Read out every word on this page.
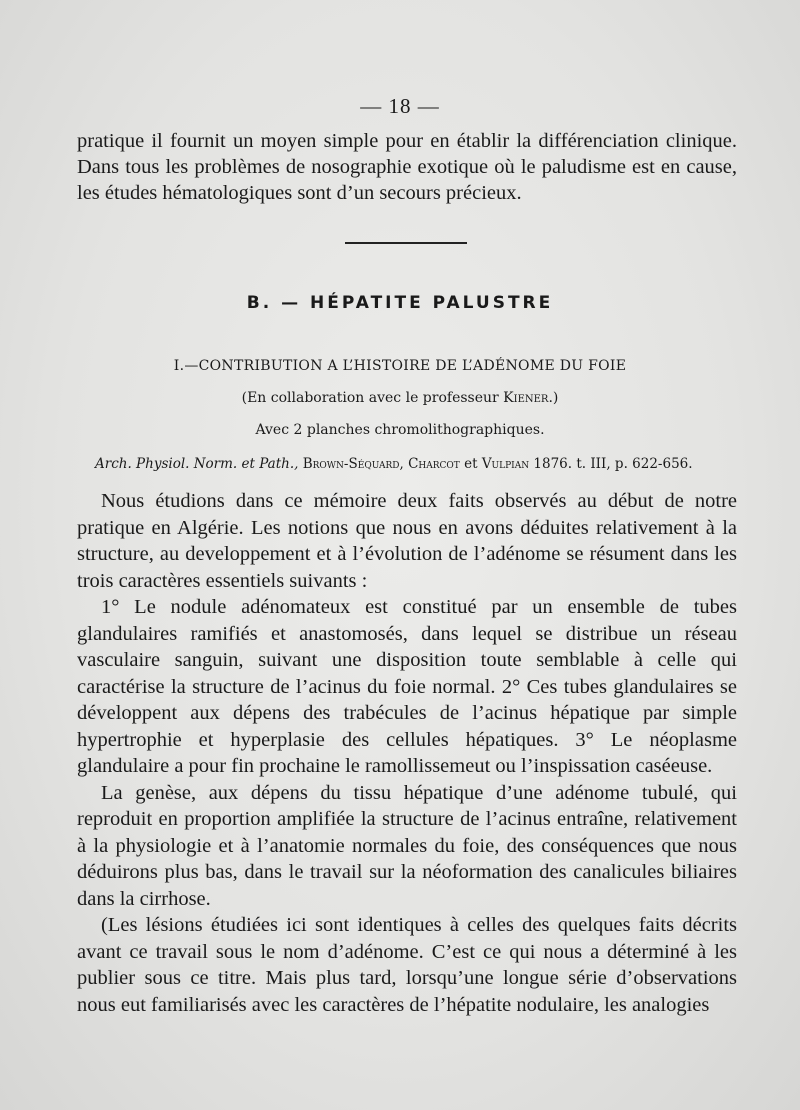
— 18 —
pratique il fournit un moyen simple pour en établir la différenciation clinique. Dans tous les problèmes de nosographie exotique où le paludisme est en cause, les études hématologiques sont d’un secours précieux.
B. — HÉPATITE PALUSTRE
I.—CONTRIBUTION A L’HISTOIRE DE L’ADÉNOME DU FOIE
(En collaboration avec le professeur Kiener.)
Avec 2 planches chromolithographiques.
Arch. Physiol. Norm. et Path., Brown-Séquard, Charcot et Vulpian 1876. t. III, p. 622-656.

Nous étudions dans ce mémoire deux faits observés au début de notre pratique en Algérie. Les notions que nous en avons déduites relativement à la structure, au developpement et à l’évolution de l’adénome se résument dans les trois caractères essentiels suivants :

1° Le nodule adénomateux est constitué par un ensemble de tubes glandulaires ramifiés et anastomosés, dans lequel se distribue un réseau vasculaire sanguin, suivant une disposition toute semblable à celle qui caractérise la structure de l’acinus du foie normal. 2° Ces tubes glandulaires se développent aux dépens des trabécules de l’acinus hépatique par simple hypertrophie et hyperplasie des cellules hépatiques. 3° Le néoplasme glandulaire a pour fin prochaine le ramollissemeut ou l’inspissation caséeuse.

La genèse, aux dépens du tissu hépatique d’une adénome tubulé, qui reproduit en proportion amplifiée la structure de l’acinus entraîne, relativement à la physiologie et à l’anatomie normales du foie, des conséquences que nous déduirons plus bas, dans le travail sur la néoformation des canalicules biliaires dans la cirrhose.

(Les lésions étudiées ici sont identiques à celles des quelques faits décrits avant ce travail sous le nom d’adénome. C’est ce qui nous a déterminé à les publier sous ce titre. Mais plus tard, lorsqu’une longue série d’observations nous eut familiarisés avec les caractères de l’hépatite nodulaire, les analogies
